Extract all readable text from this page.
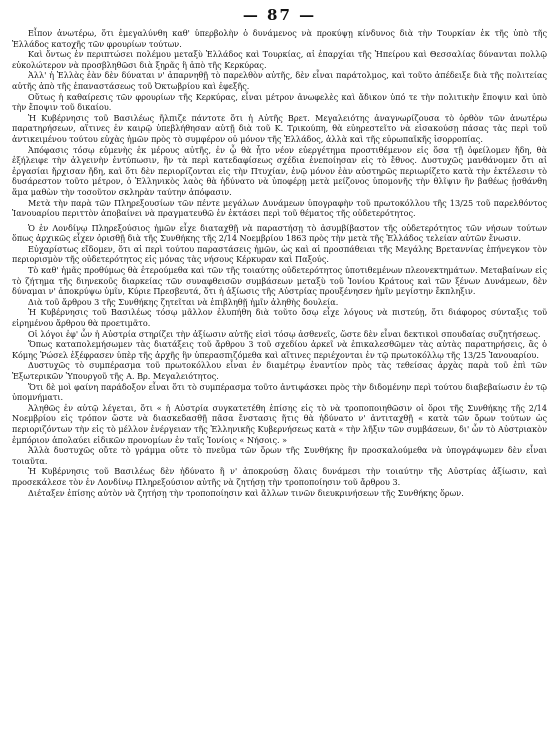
— 87 —

Εἶπον ἀνωτέρω, ὅτι ἐμεγαλύνθη καθ' ὑπερβολὴν ὁ δυνάμενος νὰ προκύψῃ κίνδυνος διὰ τὴν Τουρκίαν ἐκ τῆς ὑπὸ τῆς Ἑλλάδος κατοχῆς τῶν φρουρίων τούτων.

Καὶ ὄντως ἐν περιπτώσει πολέμου μεταξὺ Ἑλλάδος καὶ Τουρκίας, αἱ ἐπαρχίαι τῆς Ἠπείρου καὶ Θεσσαλίας δύνανται πολλῷ εὐκολώτερον νὰ προσβληθῶσι διὰ ξηρᾶς ἢ ἀπὸ τῆς Κερκύρας.

Ἀλλ' ἡ Ἑλλὰς ἐὰν δὲν δύναται ν' ἀπαρνηθῇ τὸ παρελθὸν αὐτῆς, δὲν εἶναι παράτολμος, καὶ τοῦτο ἀπέδειξε διὰ τῆς πολιτείας αὐτῆς ἀπὸ τῆς ἐπαναστάσεως τοῦ Ὀκτωβρίου καὶ ἐφεξῆς.

Οὕτως ἡ καθαίρεσις τῶν φρουρίων τῆς Κερκύρας, εἶναι μέτρον ἀνωφελὲς καὶ ἄδικον ὑπό τε τὴν πολιτικὴν ἔποψιν καὶ ὑπὸ τὴν ἔποψιν τοῦ δικαίου.

Ἡ Κυβέρνησις τοῦ Βασιλέως ἤλπιζε πάντοτε ὅτι ἡ Αὐτῆς Βρετ. Μεγαλειότης ἀναγνωρίζουσα τὸ ὀρθὸν τῶν ἀνωτέρω παρατηρήσεων, αἵτινες ἐν καιρῷ ὑπεβλήθησαν αὐτῇ διὰ τοῦ Κ. Τρικούπη, θὰ εὐηρεστεῖτο νὰ εἰσακούσῃ πάσας τὰς περὶ τοῦ ἀντικειμένου τούτου εὐχὰς ἡμῶν πρὸς τὸ συμφέρον οὐ μόνον τῆς Ἑλλάδος, ἀλλὰ καὶ τῆς εὐρωπαϊκῆς ἰσορροπίας.

Ἀπόφασις τόσῳ εὐμενὴς ἐκ μέρους αὐτῆς, ἐν ᾧ θὰ ἦτο νέον εὐεργέτημα προστιθέμενον εἰς ὅσα τῇ ὀφείλομεν ἤδη, θὰ ἐξήλειφε τὴν ἀλγεινὴν ἐντύπωσιν, ἣν τὰ περὶ κατεδαφίσεως σχέδια ἐνεποίησαν εἰς τὸ ἔθνος. Δυστυχῶς μανθάνομεν ὅτι αἱ ἐργασίαι ἤρχισαν ἤδη, καὶ ὅτι δὲν περιορίζονται εἰς τὴν Πτυχίαν, ἐνῷ μόνον ἐὰν αὐστηρῶς περιωρίζετο κατὰ τὴν ἐκτέλεσιν τὸ δυσάρεστον τοῦτο μέτρον, ὁ Ἑλληνικὸς λαὸς θὰ ἠδύνατο νὰ ὑποφέρῃ μετὰ μείζονος ὑπομονῆς τὴν θλῖψιν ἣν βαθέως ᾐσθάνθη ἅμα μαθὼν τὴν τοσοῦτον σκληρὰν ταύτην ἀπόφασιν.

Μετὰ τὴν παρὰ τῶν Πληρεξουσίων τῶν πέντε μεγάλων Δυνάμεων ὑπογραφὴν τοῦ πρωτοκόλλου τῆς 13/25 τοῦ παρελθόντος Ἰανουαρίου περιττὸν ἀποβαίνει νὰ πραγματευθῶ ἐν ἐκτάσει περὶ τοῦ θέματος τῆς οὐδετερότητος.

Ὁ ἐν Λονδίνῳ Πληρεξούσιος ἡμῶν εἶχε διαταχθῇ νὰ παραστήσῃ τὸ ἀσυμβίβαστον τῆς οὐδετερότητος τῶν νήσων τούτων ὅπως ἀρχικῶς εἶχεν ὁρισθῇ διὰ τῆς Συνθήκης τῆς 2/14 Νοεμβρίου 1863 πρὸς τὴν μετὰ τῆς Ἑλλάδος τελείαν αὐτῶν ἕνωσιν.

Εὐχαρίστως εἴδομεν, ὅτι αἱ περὶ τούτου παραστάσεις ἡμῶν, ὡς καὶ αἱ προσπάθειαι τῆς Μεγάλης Βρεταννίας ἐπήνεγκον τὸν περιορισμὸν τῆς οὐδετερότητος εἰς μόνας τὰς νήσους Κέρκυραν καὶ Παξούς.

Τὸ καθ' ἡμᾶς προθύμως θὰ ἐτερούμεθα καὶ τῶν τῆς τοιαύτης οὐδετερότητος ὑποτιθεμένων πλεονεκτημάτων. Μεταβαίνων εἰς τὸ ζήτημα τῆς διηνεκοῦς διαρκείας τῶν συναφθεισῶν συμβάσεων μεταξὺ τοῦ Ἰονίου Κράτους καὶ τῶν ξένων Δυνάμεων, δὲν δύναμαι ν' ἀποκρύψω ὑμῖν, Κύριε Πρεσβευτά, ὅτι ἡ ἀξίωσις τῆς Αὐστρίας προυξένησεν ἡμῖν μεγίστην ἔκπληξιν.

Διὰ τοῦ ἄρθρου 3 τῆς Συνθήκης ζητεῖται νὰ ἐπιβληθῇ ἡμῖν ἀληθὴς δουλεία.

Ἡ Κυβέρνησις τοῦ Βασιλέως τόσῳ μᾶλλον ἐλυπήθη διὰ τοῦτο ὅσῳ εἶχε λόγους νὰ πιστεύῃ, ὅτι διάφορος σύνταξις τοῦ εἰρημένου ἄρθρου θὰ προετιμᾶτο.

Οἱ λόγοι ἐφ' ὧν ἡ Αὐστρία στηρίζει τὴν ἀξίωσιν αὐτῆς εἰσὶ τόσῳ ἀσθενεῖς, ὥστε δὲν εἶναι δεκτικοὶ σπουδαίας συζητήσεως.

Ὅπως καταπολεμήσωμεν τὰς διατάξεις τοῦ ἄρθρου 3 τοῦ σχεδίου ἀρκεῖ νὰ ἐπικαλεσθῶμεν τὰς αὐτὰς παρατηρήσεις, ἃς ὁ Κόμης Ῥώσελ ἐξέφρασεν ὑπὲρ τῆς ἀρχῆς ἣν ὑπερασπιζόμεθα καὶ αἵτινες περιέχονται ἐν τῷ πρωτοκόλλῳ τῆς 13/25 Ἰανουαρίου.

Δυστυχῶς τὸ συμπέρασμα τοῦ πρωτοκόλλου εἶναι ἐν διαμέτρῳ ἐναντίον πρὸς τὰς τεθείσας ἀρχὰς παρὰ τοῦ ἐπὶ τῶν Ἐξωτερικῶν Ὑπουργοῦ τῆς Α. Βρ. Μεγαλειότητος.

Ὅτι δὲ μοὶ φαίνη παράδοξον εἶναι ὅτι τὸ συμπέρασμα τοῦτο ἀντιφάσκει πρὸς τὴν διδομένην περὶ τούτου διαβεβαίωσιν ἐν τῷ ὑπομνήματι.

Ἀληθῶς ἐν αὐτῷ λέγεται, ὅτι « ἡ Αὐστρία συγκατετέθη ἐπίσης εἰς τὸ νὰ τροποποιηθῶσιν οἱ ὅροι τῆς Συνθήκης τῆς 2/14 Νοεμβρίου εἰς τρόπον ὥστε νὰ διασκεδασθῇ πᾶσα ἔνστασις ἥτις θὰ ἠδύνατο ν' ἀντιταχθῇ « κατὰ τῶν ὅρων τούτων ὡς περιοριζόντων τὴν εἰς τὸ μέλλον ἐνέργειαν τῆς Ἑλληνικῆς Κυβερνήσεως κατὰ « τὴν λῆξιν τῶν συμβάσεων, δι' ὧν τὸ Αὐστριακὸν ἐμπόριον ἀπολαύει εἰδικῶν προνομίων ἐν ταῖς Ἰονίοις « Νήσοις. »

Ἀλλὰ δυστυχῶς οὔτε τὸ γράμμα οὔτε τὸ πνεῦμα τῶν ὅρων τῆς Συνθήκης ἣν προσκαλούμεθα νὰ ὑπογράψωμεν δὲν εἶναι τοιαῦτα.

Ἡ Κυβέρνησις τοῦ Βασιλέως δὲν ἠδύνατο ἢ ν' ἀποκρούσῃ ὅλαις δυνάμεσι τὴν τοιαύτην τῆς Αὐστρίας ἀξίωσιν, καὶ προσεκάλεσε τὸν ἐν Λονδίνῳ Πληρεξούσιον αὐτῆς νὰ ζητήσῃ τὴν τροποποίησιν τοῦ ἄρθρου 3.

Διέταξεν ἐπίσης αὐτὸν νὰ ζητήσῃ τὴν τροποποίησιν καὶ ἄλλων τινῶν διευκρινήσεων τῆς Συνθήκης ὅρων.
